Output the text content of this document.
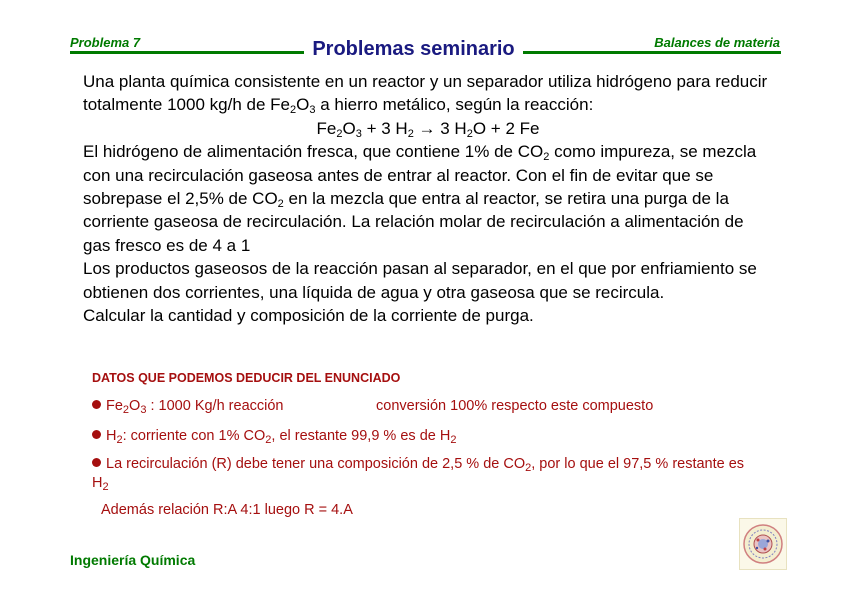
Problema 7	Problemas seminario	Balances de materia

Una planta química consistente en un reactor y un separador utiliza hidrógeno para reducir totalmente 1000 kg/h de $Fe_2O_3$ a hierro metálico, según la reacción:

$Fe_2O_3 + 3$ $H_2 \to 3$ $H_2O + 2$ Fe

El hidrógeno de alimentación fresca, que contiene 1% de $CO_2$ como impureza, se mezcla con una recirculación gaseosa antes de entrar al reactor. Con el fin de evitar que se sobrepase el 2,5% de $CO_2$ en la mezcla que entra al reactor, se retira una purga de la corriente gaseosa de recirculación. La relación molar de recirculación a alimentación de gas fresco es de 4 a 1

Los productos gaseosos de la reacción pasan al separador, en el que por enfriamiento se obtienen dos corrientes, una líquida de agua y otra gaseosa que se recircula.

Calcular la cantidad y composición de la corriente de purga.

DATOS QUE PODEMOS DEDUCIR DEL ENUNCIADO
$Fe_2O_3$ : 1000 Kg/h reacción	conversión 100% respecto este compuesto
$H_2$: corriente con 1% $CO_2$, el restante 99,9 % es de $H_2$
La recirculación (R) debe tener una composición de 2,5 % de $CO_2$, por lo que el 97,5 % restante es $H_2$
Además relación R:A 4:1 luego R = 4.A
Ingeniería Química
